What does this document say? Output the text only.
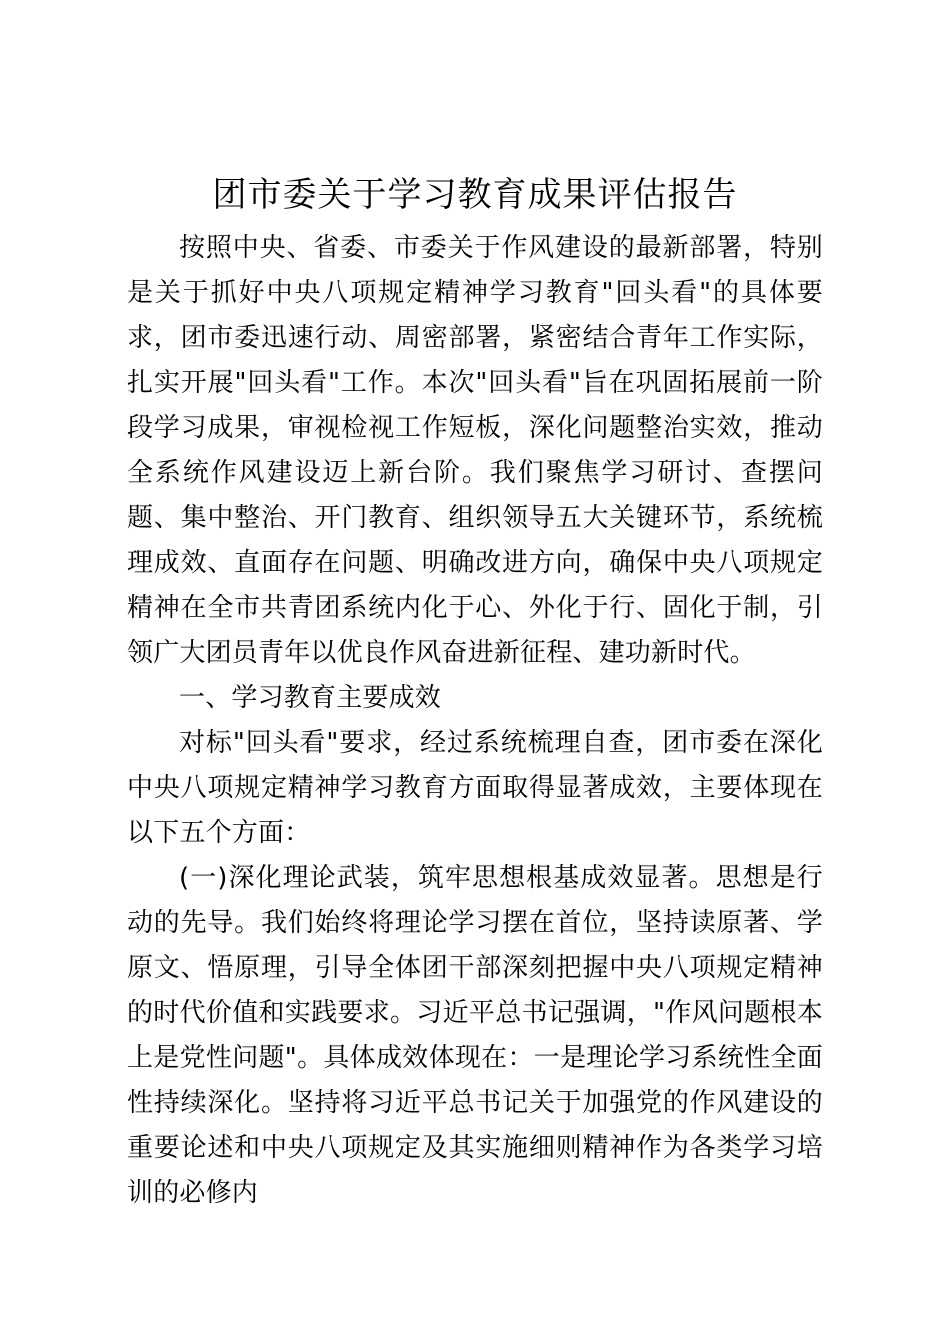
团市委关于学习教育成果评估报告

按照中央、省委、市委关于作风建设的最新部署，特别是关于抓好中央八项规定精神学习教育"回头看"的具体要求，团市委迅速行动、周密部署，紧密结合青年工作实际，扎实开展"回头看"工作。本次"回头看"旨在巩固拓展前一阶段学习成果，审视检视工作短板，深化问题整治实效，推动全系统作风建设迈上新台阶。我们聚焦学习研讨、查摆问题、集中整治、开门教育、组织领导五大关键环节，系统梳理成效、直面存在问题、明确改进方向，确保中央八项规定精神在全市共青团系统内化于心、外化于行、固化于制，引领广大团员青年以优良作风奋进新征程、建功新时代。

一、学习教育主要成效

对标"回头看"要求，经过系统梳理自查，团市委在深化中央八项规定精神学习教育方面取得显著成效，主要体现在以下五个方面：

(一)深化理论武装，筑牢思想根基成效显著。思想是行动的先导。我们始终将理论学习摆在首位，坚持读原著、学原文、悟原理，引导全体团干部深刻把握中央八项规定精神的时代价值和实践要求。习近平总书记强调，"作风问题根本上是党性问题"。具体成效体现在：一是理论学习系统性全面性持续深化。坚持将习近平总书记关于加强党的作风建设的重要论述和中央八项规定及其实施细则精神作为各类学习培训的必修内
